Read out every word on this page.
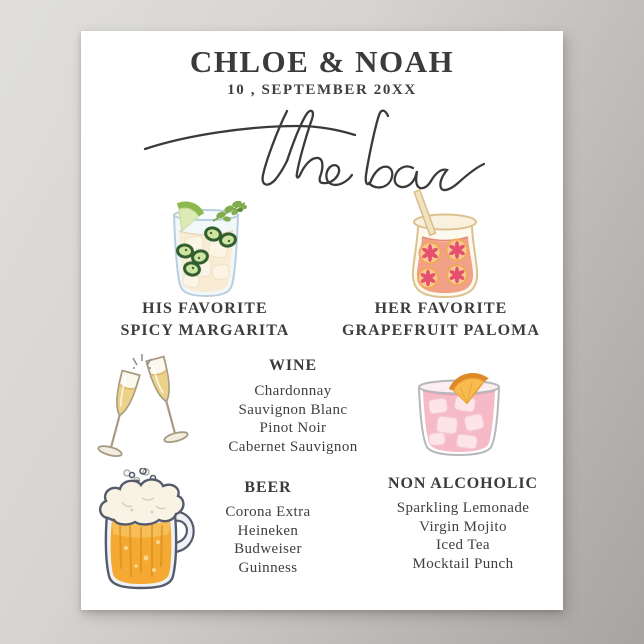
CHLOE & NOAH
10 , SEPTEMBER 20XX
HIS FAVORITE
SPICY MARGARITA
HER FAVORITE
GRAPEFRUIT PALOMA
WINE
Chardonnay
Sauvignon Blanc
Pinot Noir
Cabernet Sauvignon
BEER
Corona Extra
Heineken
Budweiser
Guinness
NON ALCOHOLIC
Sparkling Lemonade
Virgin Mojito
Iced Tea
Mocktail Punch
